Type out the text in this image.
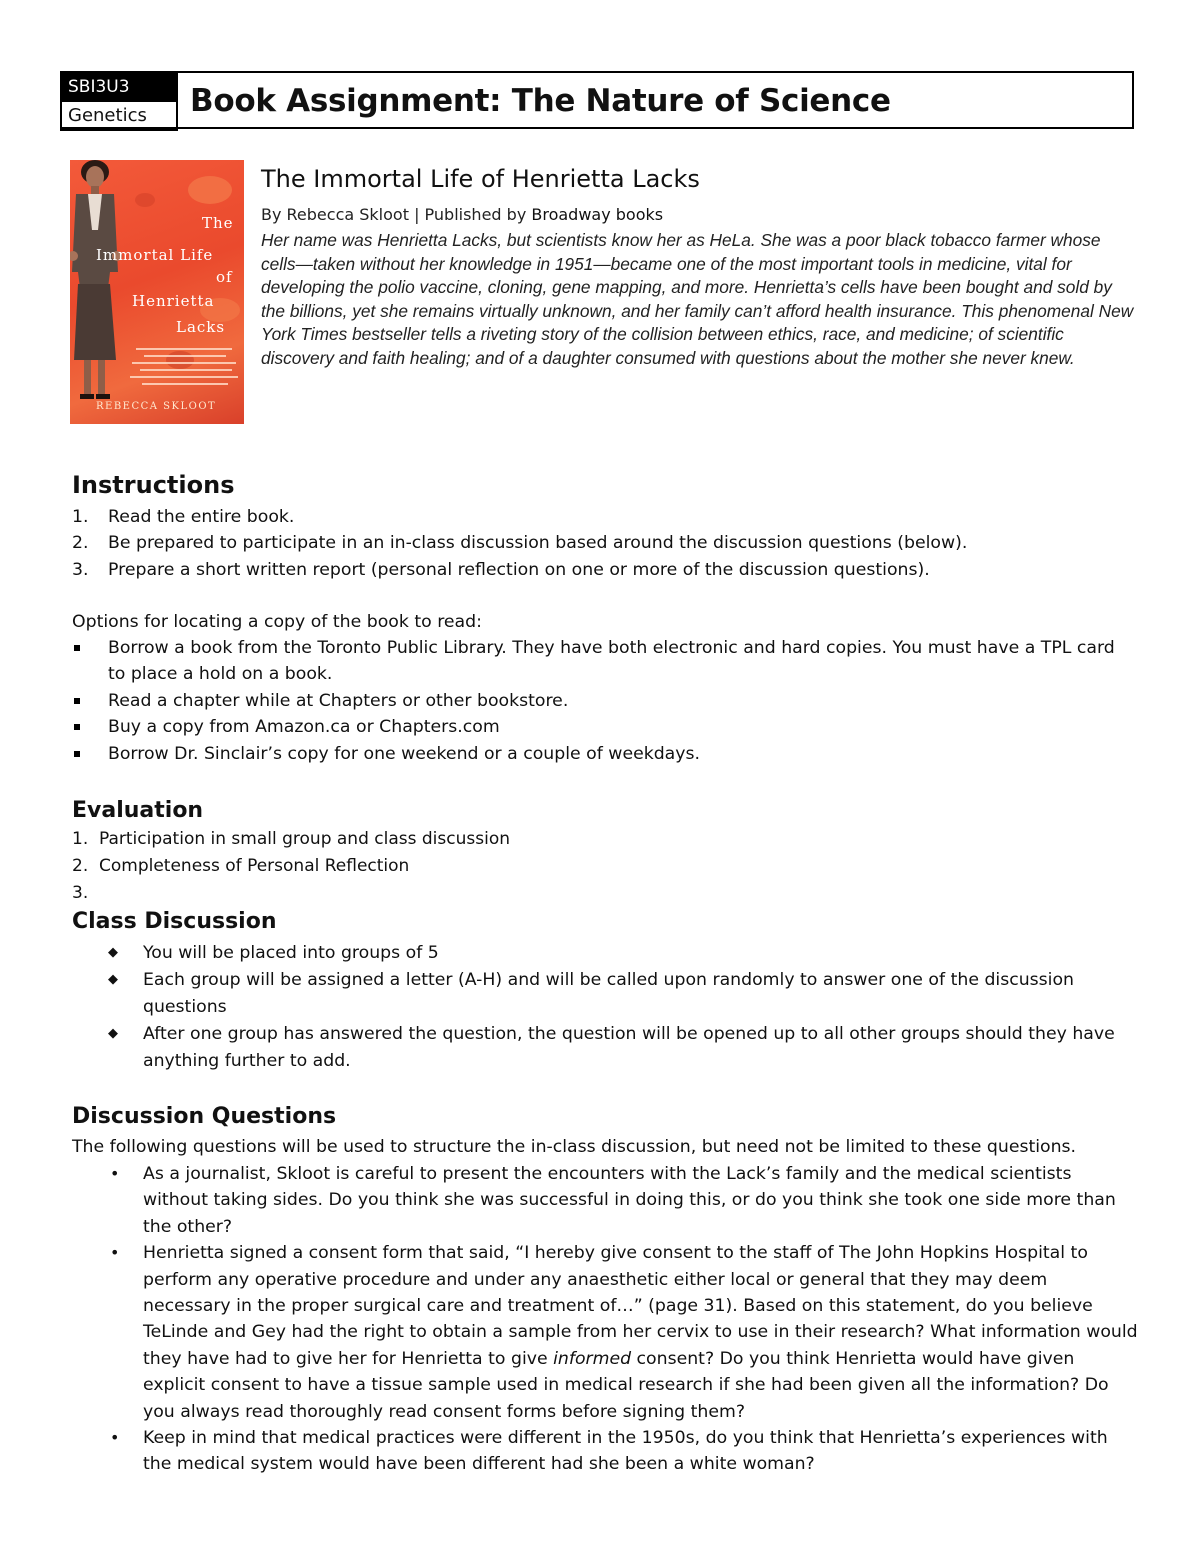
SBI3U3
Genetics	Book Assignment: The Nature of Science
The
Immortal Life
of
Henrietta
Lacks
REBECCA SKLOOT
The Immortal Life of Henrietta Lacks
By Rebecca Skloot | Published by Broadway books
Her name was Henrietta Lacks, but scientists know her as HeLa. She was a poor black tobacco farmer whose cells—taken without her knowledge in 1951—became one of the most important tools in medicine, vital for developing the polio vaccine, cloning, gene mapping, and more. Henrietta’s cells have been bought and sold by the billions, yet she remains virtually unknown, and her family can’t afford health insurance. This phenomenal New York Times bestseller tells a riveting story of the collision between ethics, race, and medicine; of scientific discovery and faith healing; and of a daughter consumed with questions about the mother she never knew.
Instructions
1. Read the entire book.
2. Be prepared to participate in an in-class discussion based around the discussion questions (below).
3. Prepare a short written report (personal reflection on one or more of the discussion questions).
Options for locating a copy of the book to read:
Borrow a book from the Toronto Public Library. They have both electronic and hard copies. You must have a TPL card to place a hold on a book.
Read a chapter while at Chapters or other bookstore.
Buy a copy from Amazon.ca or Chapters.com
Borrow Dr. Sinclair’s copy for one weekend or a couple of weekdays.
Evaluation
1. Participation in small group and class discussion
2. Completeness of Personal Reflection
3.

Class Discussion
◆ You will be placed into groups of 5
◆ Each group will be assigned a letter (A-H) and will be called upon randomly to answer one of the discussion questions
◆ After one group has answered the question, the question will be opened up to all other groups should they have anything further to add.
Discussion Questions
The following questions will be used to structure the in-class discussion, but need not be limited to these questions.
• As a journalist, Skloot is careful to present the encounters with the Lack’s family and the medical scientists without taking sides. Do you think she was successful in doing this, or do you think she took one side more than the other?
• Henrietta signed a consent form that said, “I hereby give consent to the staff of The John Hopkins Hospital to perform any operative procedure and under any anaesthetic either local or general that they may deem necessary in the proper surgical care and treatment of…” (page 31). Based on this statement, do you believe TeLinde and Gey had the right to obtain a sample from her cervix to use in their research? What information would they have had to give her for Henrietta to give informed consent? Do you think Henrietta would have given explicit consent to have a tissue sample used in medical research if she had been given all the information? Do you always read thoroughly read consent forms before signing them?
• Keep in mind that medical practices were different in the 1950s, do you think that Henrietta’s experiences with the medical system would have been different had she been a white woman?
